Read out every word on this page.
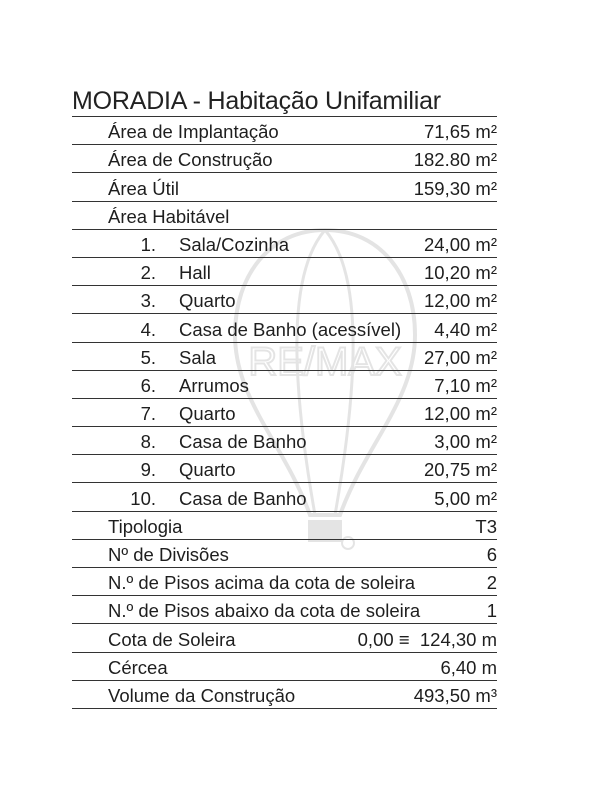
RE/MAX
MORADIA - Habitação Unifamiliar
Área de Implantação	71,65 m²
Área de Construção	182.80 m²
Área Útil	159,30 m²
Área Habitável
1. Sala/Cozinha	24,00 m²
2. Hall	10,20 m²
3. Quarto	12,00 m²
4. Casa de Banho (acessível) 4,40 m²
5. Sala	27,00 m²
6. Arrumos	7,10 m²
7. Quarto	12,00 m²
8. Casa de Banho	3,00 m²
9. Quarto	20,75 m²
10. Casa de Banho	5,00 m²
Tipologia	T3
Nº de Divisões	6
N.º de Pisos acima da cota de soleira	2
N.º de Pisos abaixo da cota de soleira	1
Cota de Soleira	0,00 ≡  124,30 m
Cércea	6,40 m
Volume da Construção	493,50 m³
